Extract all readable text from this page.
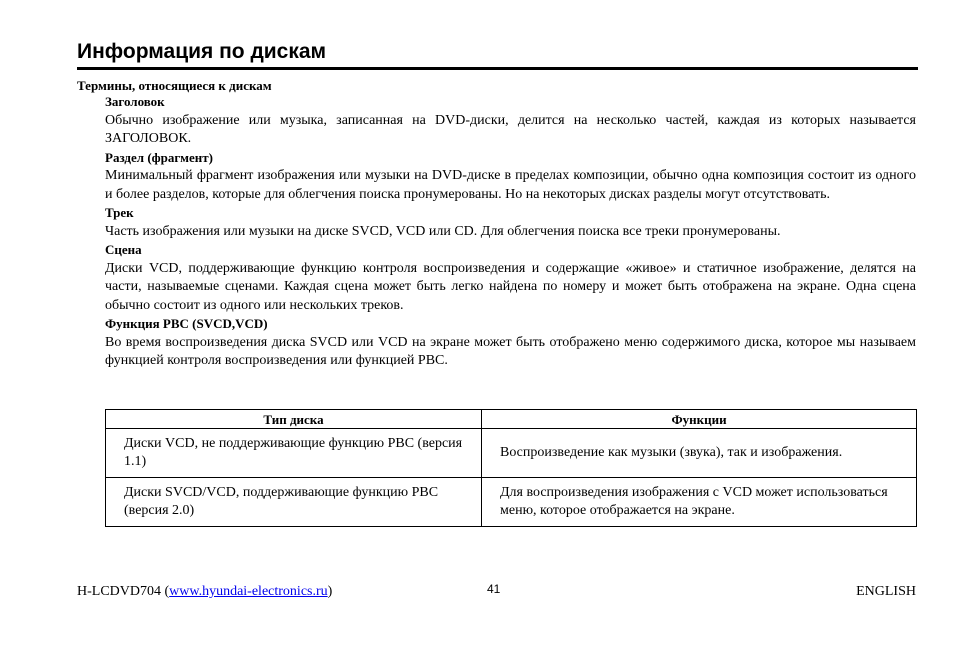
Информация по дискам
Термины, относящиеся к дискам
Заголовок
Обычно изображение или музыка, записанная на DVD-диски, делится на несколько частей, каждая из которых называется ЗАГОЛОВОК.
Раздел (фрагмент)
Минимальный фрагмент изображения или музыки на DVD-диске в пределах композиции, обычно одна композиция состоит из одного и более разделов, которые для облегчения поиска пронумерованы. Но на некоторых дисках разделы могут отсутствовать.
Трек
Часть изображения или музыки на диске SVCD, VCD или CD. Для облегчения поиска все треки пронумерованы.
Сцена
Диски VCD, поддерживающие функцию контроля воспроизведения и содержащие «живое» и статичное изображение, делятся на части, называемые сценами. Каждая сцена может быть легко найдена по номеру и может быть отображена на экране. Одна сцена обычно состоит из одного или нескольких треков.
Функция PBC (SVCD,VCD)
Во время воспроизведения диска SVCD или VCD на экране может быть отображено меню содержимого диска, которое мы называем функцией контроля воспроизведения или функцией PBC.
Тип диска	Функции
Диски VCD, не поддерживающие функцию PBC (версия 1.1)	Воспроизведение как музыки (звука), так и изображения.
Диски SVCD/VCD, поддерживающие функцию PBC (версия 2.0)	Для воспроизведения изображения с VCD может использоваться меню, которое отображается на экране.
H-LCDVD704 (www.hyundai-electronics.ru)	41	ENGLISH
